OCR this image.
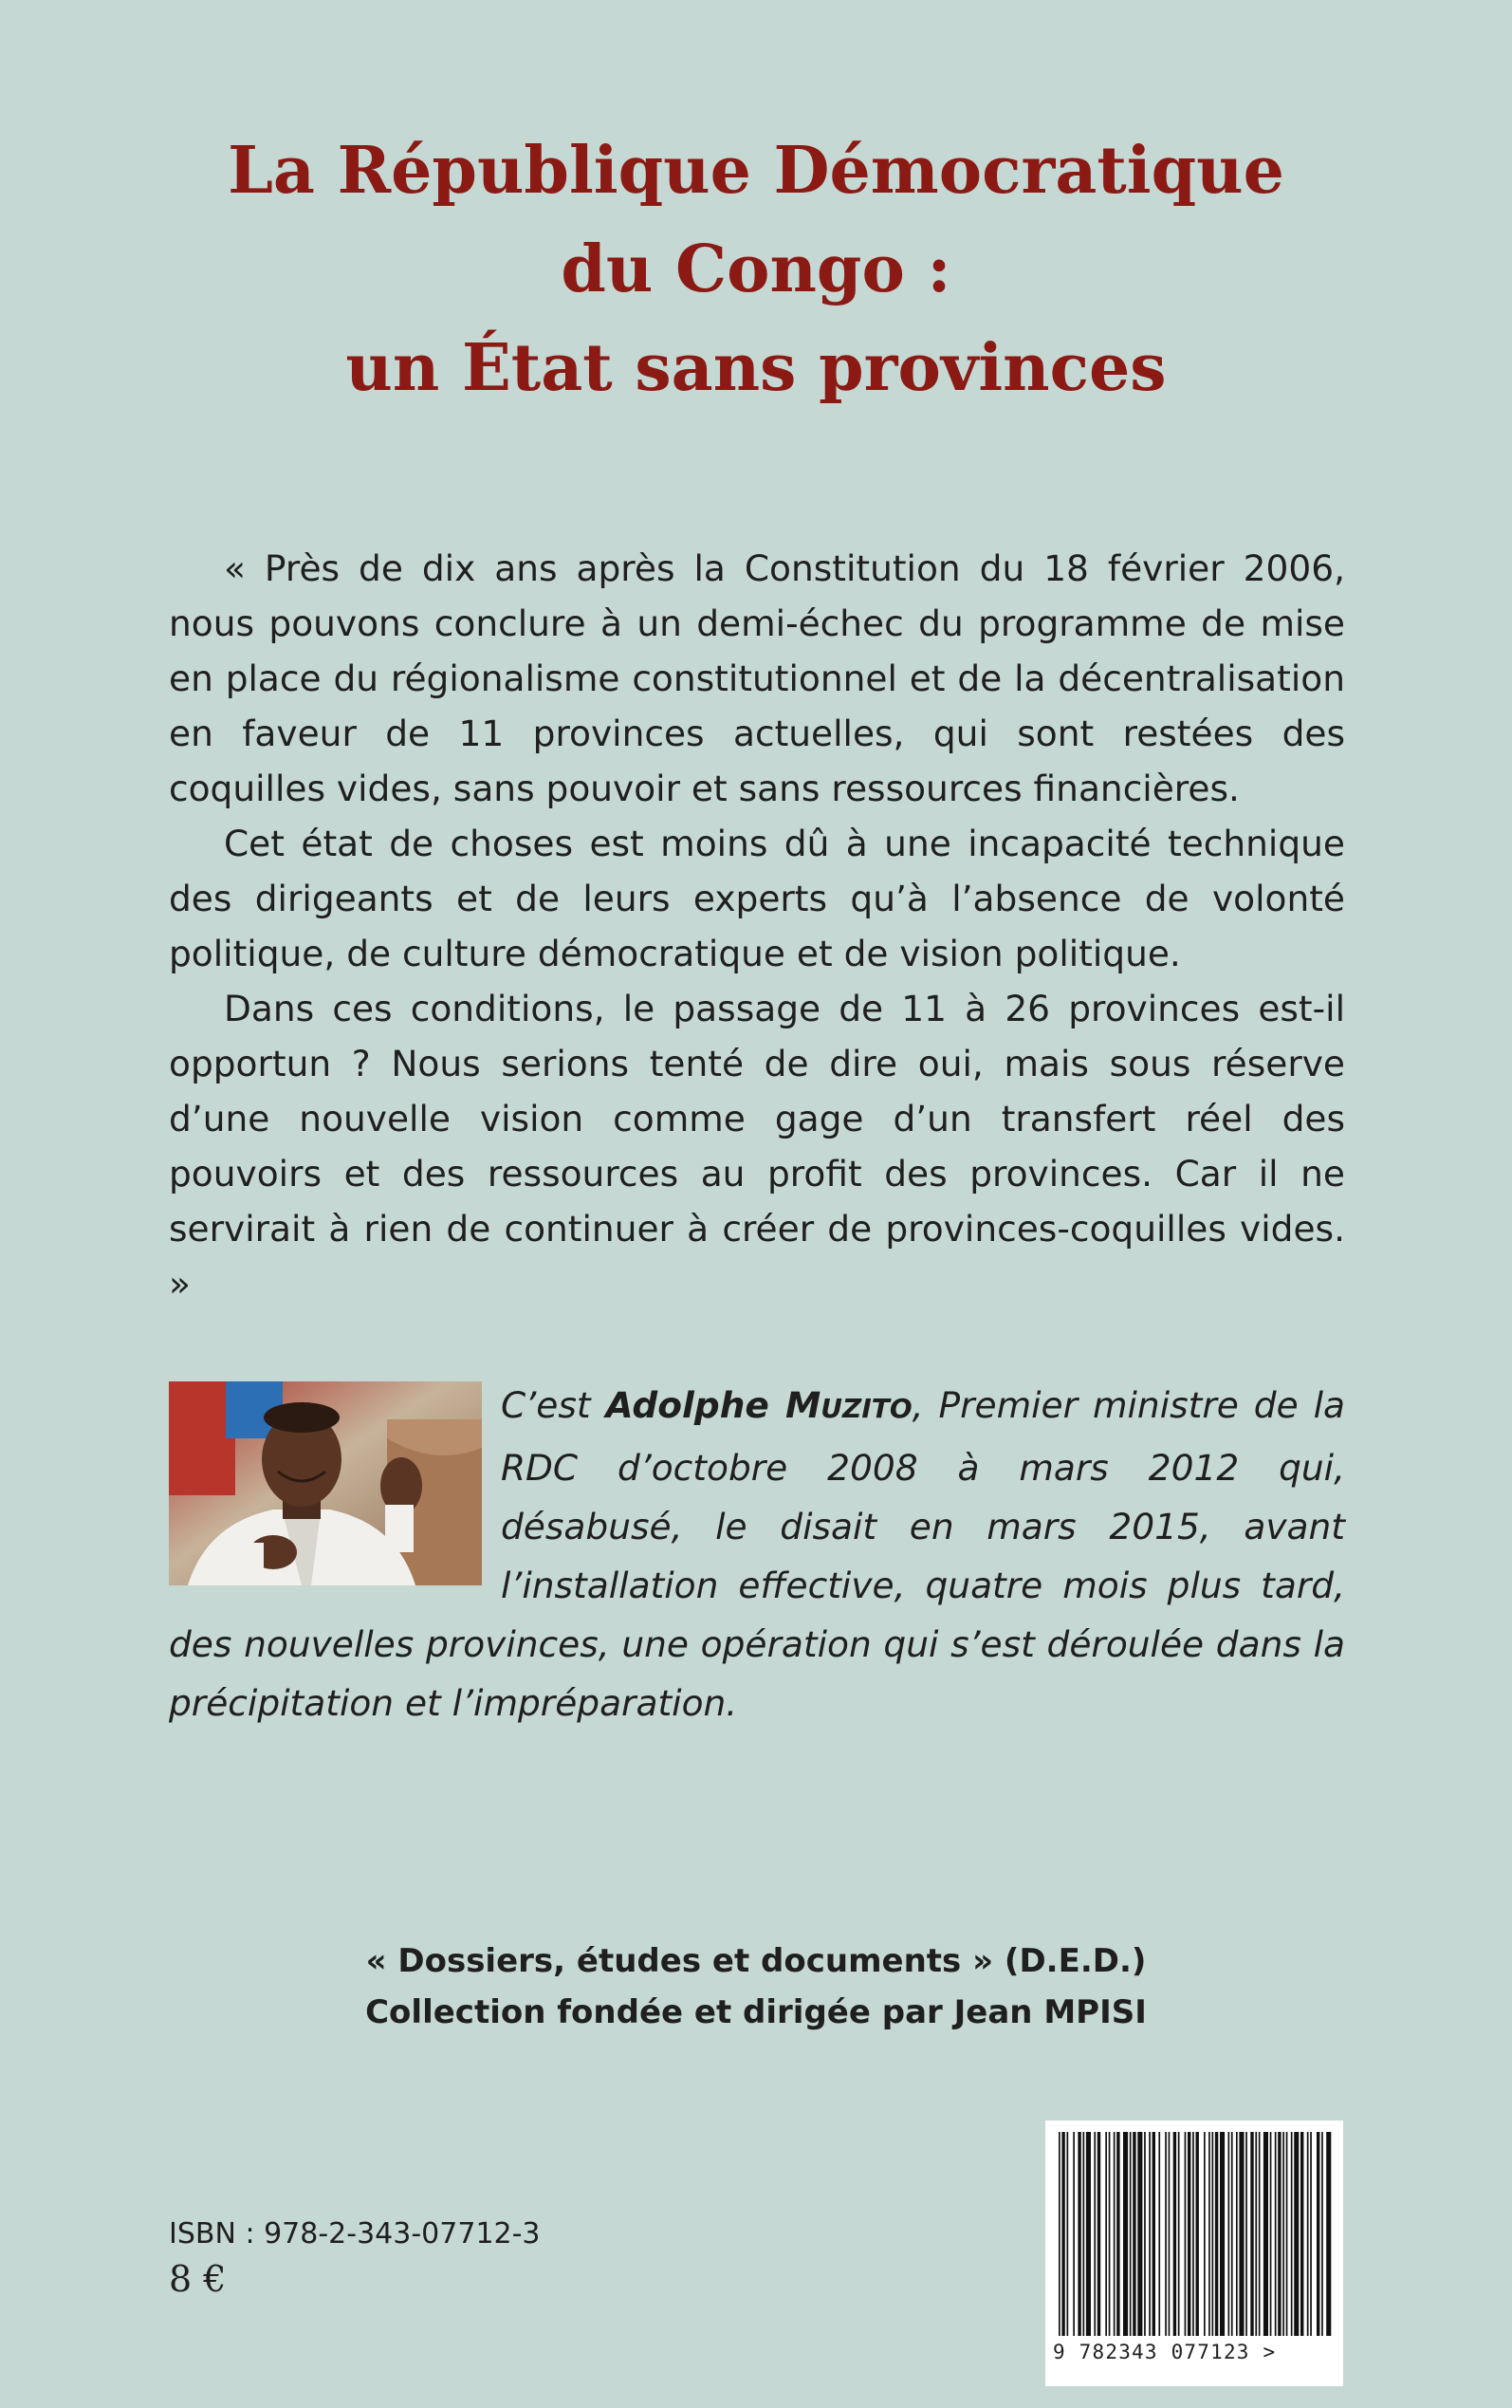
La République Démocratique
du Congo :
un État sans provinces

« Près de dix ans après la Constitution du 18 février 2006, nous pouvons conclure à un demi-échec du programme de mise en place du régionalisme constitutionnel et de la décentralisation en faveur de 11 provinces actuelles, qui sont restées des coquilles vides, sans pouvoir et sans ressources financières.

Cet état de choses est moins dû à une incapacité technique des dirigeants et de leurs experts qu’à l’absence de volonté politique, de culture démocratique et de vision politique.

Dans ces conditions, le passage de 11 à 26 provinces est-il opportun ? Nous serions tenté de dire oui, mais sous réserve d’une nouvelle vision comme gage d’un transfert réel des pouvoirs et des ressources au profit des provinces. Car il ne servirait à rien de continuer à créer de provinces-coquilles vides. »

C’est Adolphe MUZITO, Premier ministre de la RDC d’octobre 2008 à mars 2012 qui, désabusé, le disait en mars 2015, avant l’installation effective, quatre mois plus tard, des nouvelles provinces, une opération qui s’est déroulée dans la précipitation et l’impréparation.
« Dossiers, études et documents » (D.E.D.)
Collection fondée et dirigée par Jean MPISI
ISBN : 978-2-343-07712-3
8 €
9 782343 077123 >
